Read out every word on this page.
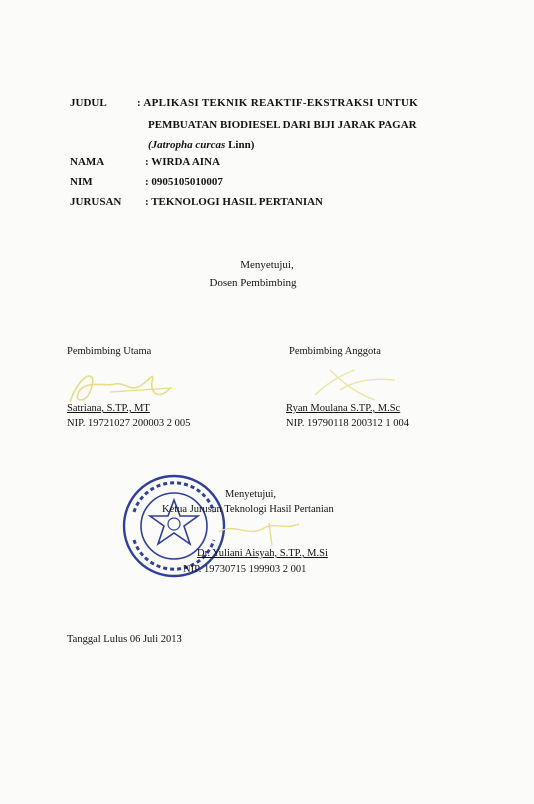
JUDUL	: APLIKASI TEKNIK REAKTIF-EKSTRAKSI UNTUK
PEMBUATAN BIODIESEL DARI BIJI JARAK PAGAR
(Jatropha curcas Linn)
NAMA	: WIRDA AINA
NIM	: 0905105010007
JURUSAN : TEKNOLOGI HASIL PERTANIAN
Menyetujui,
Dosen Pembimbing
Pembimbing Utama	Pembimbing Anggota
Satriana, S.TP., MT
NIP. 19721027 200003 2 005
Ryan Moulana S.TP., M.Sc
NIP. 19790118 200312 1 004
Menyetujui,
Ketua Jurusan Teknologi Hasil Pertanian
Dr. Yuliani Aisyah, S.TP., M.Si
NIP. 19730715 199903 2 001
Tanggal Lulus 06 Juli 2013
